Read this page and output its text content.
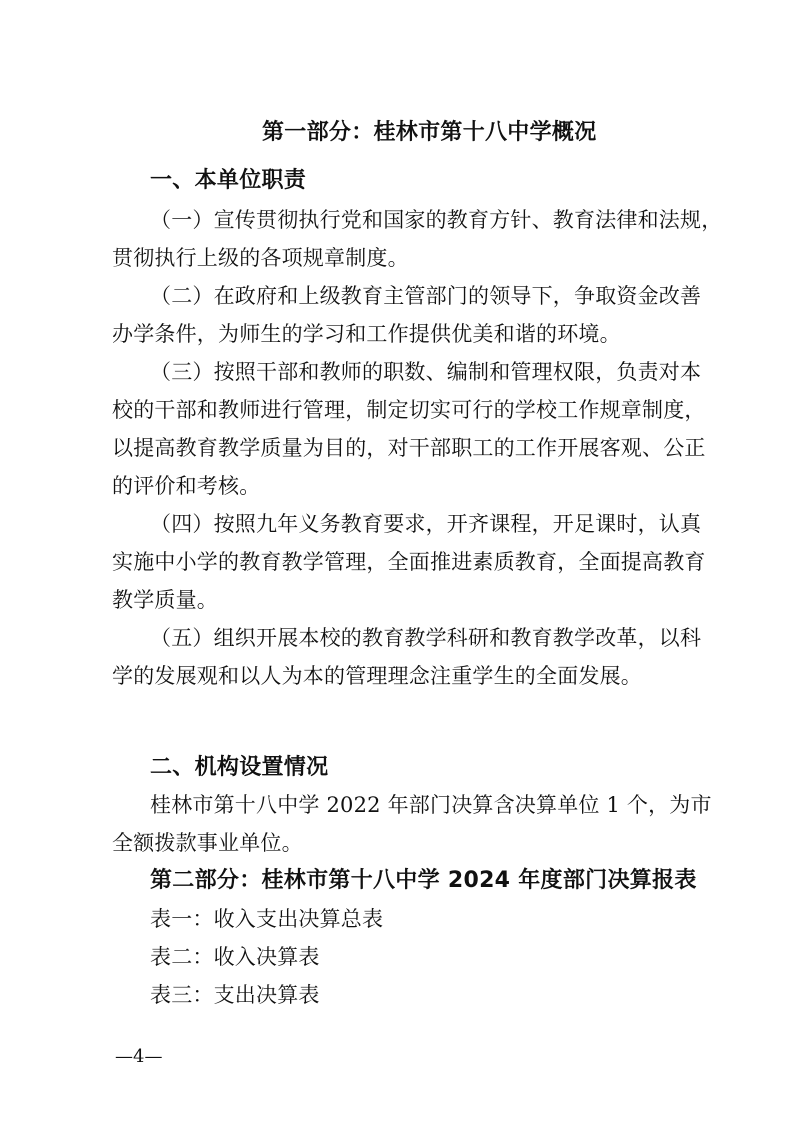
第一部分：桂林市第十八中学概况
一、本单位职责
（一）宣传贯彻执行党和国家的教育方针、教育法律和法规，
贯彻执行上级的各项规章制度。
（二）在政府和上级教育主管部门的领导下，争取资金改善
办学条件，为师生的学习和工作提供优美和谐的环境。
（三）按照干部和教师的职数、编制和管理权限，负责对本
校的干部和教师进行管理，制定切实可行的学校工作规章制度，
以提高教育教学质量为目的，对干部职工的工作开展客观、公正
的评价和考核。
（四）按照九年义务教育要求，开齐课程，开足课时，认真
实施中小学的教育教学管理，全面推进素质教育，全面提高教育
教学质量。
（五）组织开展本校的教育教学科研和教育教学改革，以科
学的发展观和以人为本的管理理念注重学生的全面发展。
二、机构设置情况
桂林市第十八中学 2022 年部门决算含决算单位 1 个，为市
全额拨款事业单位。
第二部分：桂林市第十八中学 2024 年度部门决算报表
表一：收入支出决算总表
表二：收入决算表
表三：支出决算表
—4—
